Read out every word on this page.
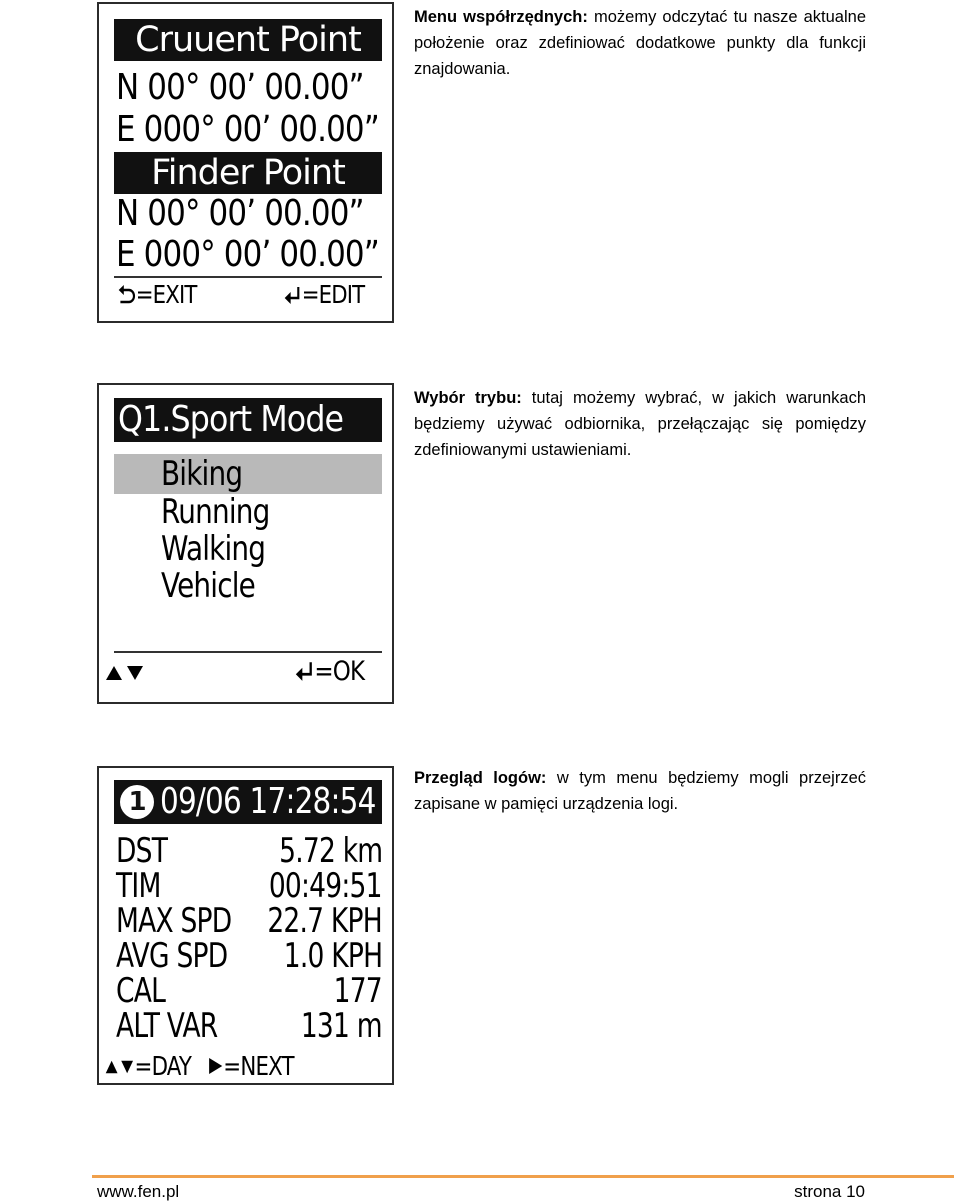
Cruuent Point
N 00° 00’ 00.00”
E 000° 00’ 00.00”
Finder Point
N 00° 00’ 00.00”
E 000° 00’ 00.00”
=EXIT	=EDIT
Menu współrzędnych: możemy odczytać tu nasze aktualne położenie oraz zdefiniować dodatkowe punkty dla funkcji znajdowania.
Q1.Sport Mode
Biking
Running
Walking
Vehicle
=OK
Wybór trybu: tutaj możemy wybrać, w jakich warunkach będziemy używać odbiornika, przełączając się pomiędzy
zdefiniowanymi ustawieniami.
1 09/06 17:28:54
DST	5.72 km
TIM	00:49:51
MAX SPD 22.7 KPH
AVG SPD 1.0 KPH
CAL	177
ALT VAR 131 m
=DAY =NEXT
Przegląd logów: w tym menu będziemy mogli przejrzeć
zapisane w pamięci urządzenia logi.
www.fen.pl	strona 10
